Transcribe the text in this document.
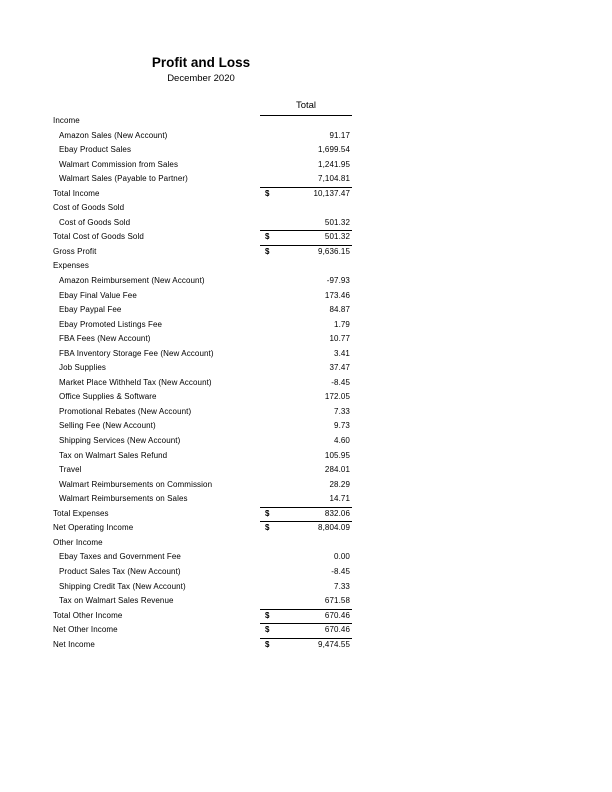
Profit and Loss
December 2020
Total
Income
Amazon Sales (New Account)	91.17
Ebay Product Sales	1,699.54
Walmart Commission from Sales	1,241.95
Walmart Sales (Payable to Partner)	7,104.81
Total Income	$	10,137.47
Cost of Goods Sold
Cost of Goods Sold	501.32
Total Cost of Goods Sold	$	501.32
Gross Profit	$	9,636.15
Expenses
Amazon Reimbursement (New Account)	-97.93
Ebay Final Value Fee	173.46
Ebay Paypal Fee	84.87
Ebay Promoted Listings Fee	1.79
FBA Fees (New Account)	10.77
FBA Inventory Storage Fee (New Account)	3.41
Job Supplies	37.47
Market Place Withheld Tax (New Account)	-8.45
Office Supplies & Software	172.05
Promotional Rebates (New Account)	7.33
Selling Fee (New Account)	9.73
Shipping Services (New Account)	4.60
Tax on Walmart Sales Refund	105.95
Travel	284.01
Walmart Reimbursements on Commission	28.29
Walmart Reimbursements on Sales	14.71
Total Expenses	$	832.06
Net Operating Income	$	8,804.09
Other Income
Ebay Taxes and Government Fee	0.00
Product Sales Tax (New Account)	-8.45
Shipping Credit Tax (New Account)	7.33
Tax on Walmart Sales Revenue	671.58
Total Other Income	$	670.46
Net Other Income	$	670.46
Net Income	$	9,474.55
